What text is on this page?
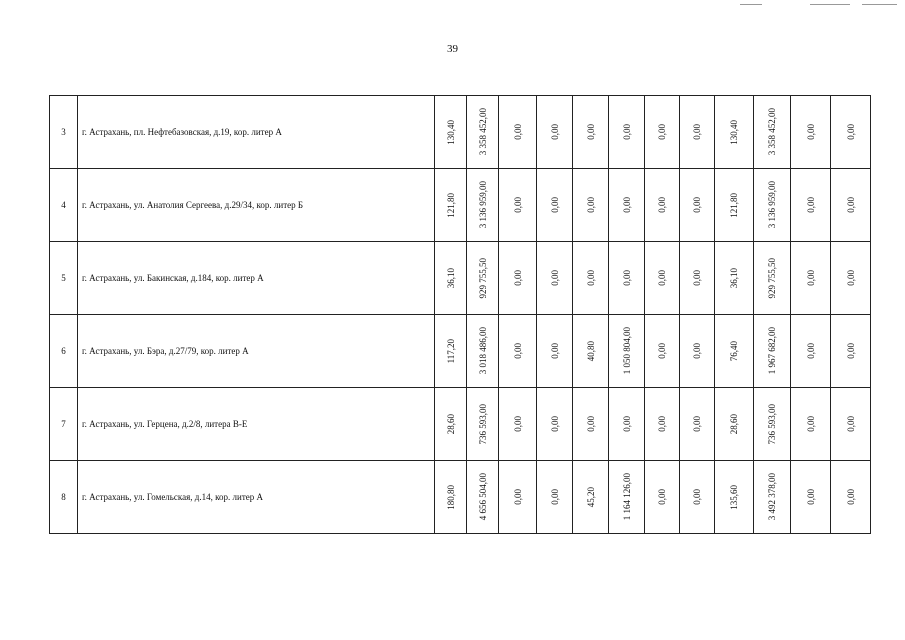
39
3	г. Астрахань, пл. Нефтебазовская, д.19, кор. литер А	130,40	3 358 452,00	0,00	0,00	0,00	0,00	0,00	0,00	130,40	3 358 452,00	0,00	0,00

4	г. Астрахань, ул. Анатолия Сергеева, д.29/34, кор. литер Б	121,80	3 136 959,00	0,00	0,00	0,00	0,00	0,00	0,00	121,80	3 136 959,00	0,00	0,00

5	г. Астрахань, ул. Бакинская, д.184, кор. литер А	36,10	929 755,50	0,00	0,00	0,00	0,00	0,00	0,00	36,10	929 755,50	0,00	0,00

6	г. Астрахань, ул. Бэра, д.27/79, кор. литер А	117,20	3 018 486,00	0,00	0,00	40,80	1 050 804,00	0,00	0,00	76,40	1 967 682,00	0,00	0,00

7	г. Астрахань, ул. Герцена, д.2/8, литера В-Е	28,60	736 593,00	0,00	0,00	0,00	0,00	0,00	0,00	28,60	736 593,00	0,00	0,00

8	г. Астрахань, ул. Гомельская, д.14, кор. литер А	180,80	4 656 504,00	0,00	0,00	45,20	1 164 126,00	0,00	0,00	135,60	3 492 378,00	0,00	0,00
